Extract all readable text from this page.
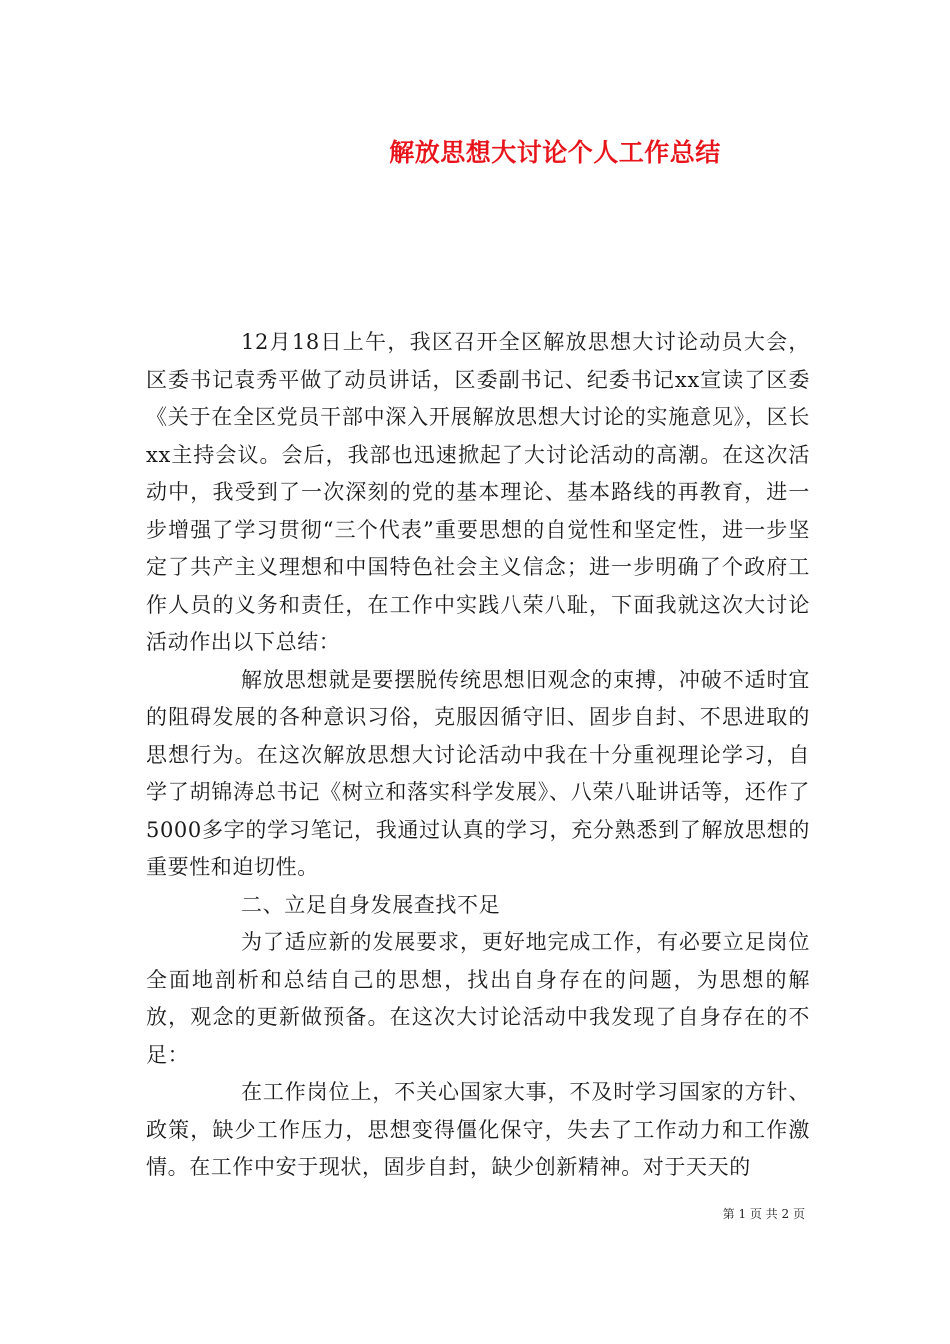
解放思想大讨论个人工作总结

12月18日上午，我区召开全区解放思想大讨论动员大会，区委书记袁秀平做了动员讲话，区委副书记、纪委书记xx宣读了区委《关于在全区党员干部中深入开展解放思想大讨论的实施意见》，区长xx主持会议。会后，我部也迅速掀起了大讨论活动的高潮。在这次活动中，我受到了一次深刻的党的基本理论、基本路线的再教育，进一步增强了学习贯彻“三个代表”重要思想的自觉性和坚定性，进一步坚定了共产主义理想和中国特色社会主义信念；进一步明确了个政府工作人员的义务和责任，在工作中实践八荣八耻，下面我就这次大讨论活动作出以下总结：

解放思想就是要摆脱传统思想旧观念的束搏，冲破不适时宜的阻碍发展的各种意识习俗，克服因循守旧、固步自封、不思进取的思想行为。在这次解放思想大讨论活动中我在十分重视理论学习，自学了胡锦涛总书记《树立和落实科学发展》、八荣八耻讲话等，还作了5000多字的学习笔记，我通过认真的学习，充分熟悉到了解放思想的重要性和迫切性。

二、立足自身发展查找不足

为了适应新的发展要求，更好地完成工作，有必要立足岗位全面地剖析和总结自己的思想，找出自身存在的问题，为思想的解放，观念的更新做预备。在这次大讨论活动中我发现了自身存在的不足：

在工作岗位上，不关心国家大事，不及时学习国家的方针、政策，缺少工作压力，思想变得僵化保守，失去了工作动力和工作激情。在工作中安于现状，固步自封，缺少创新精神。对于天天的

第 1 页 共 2 页
